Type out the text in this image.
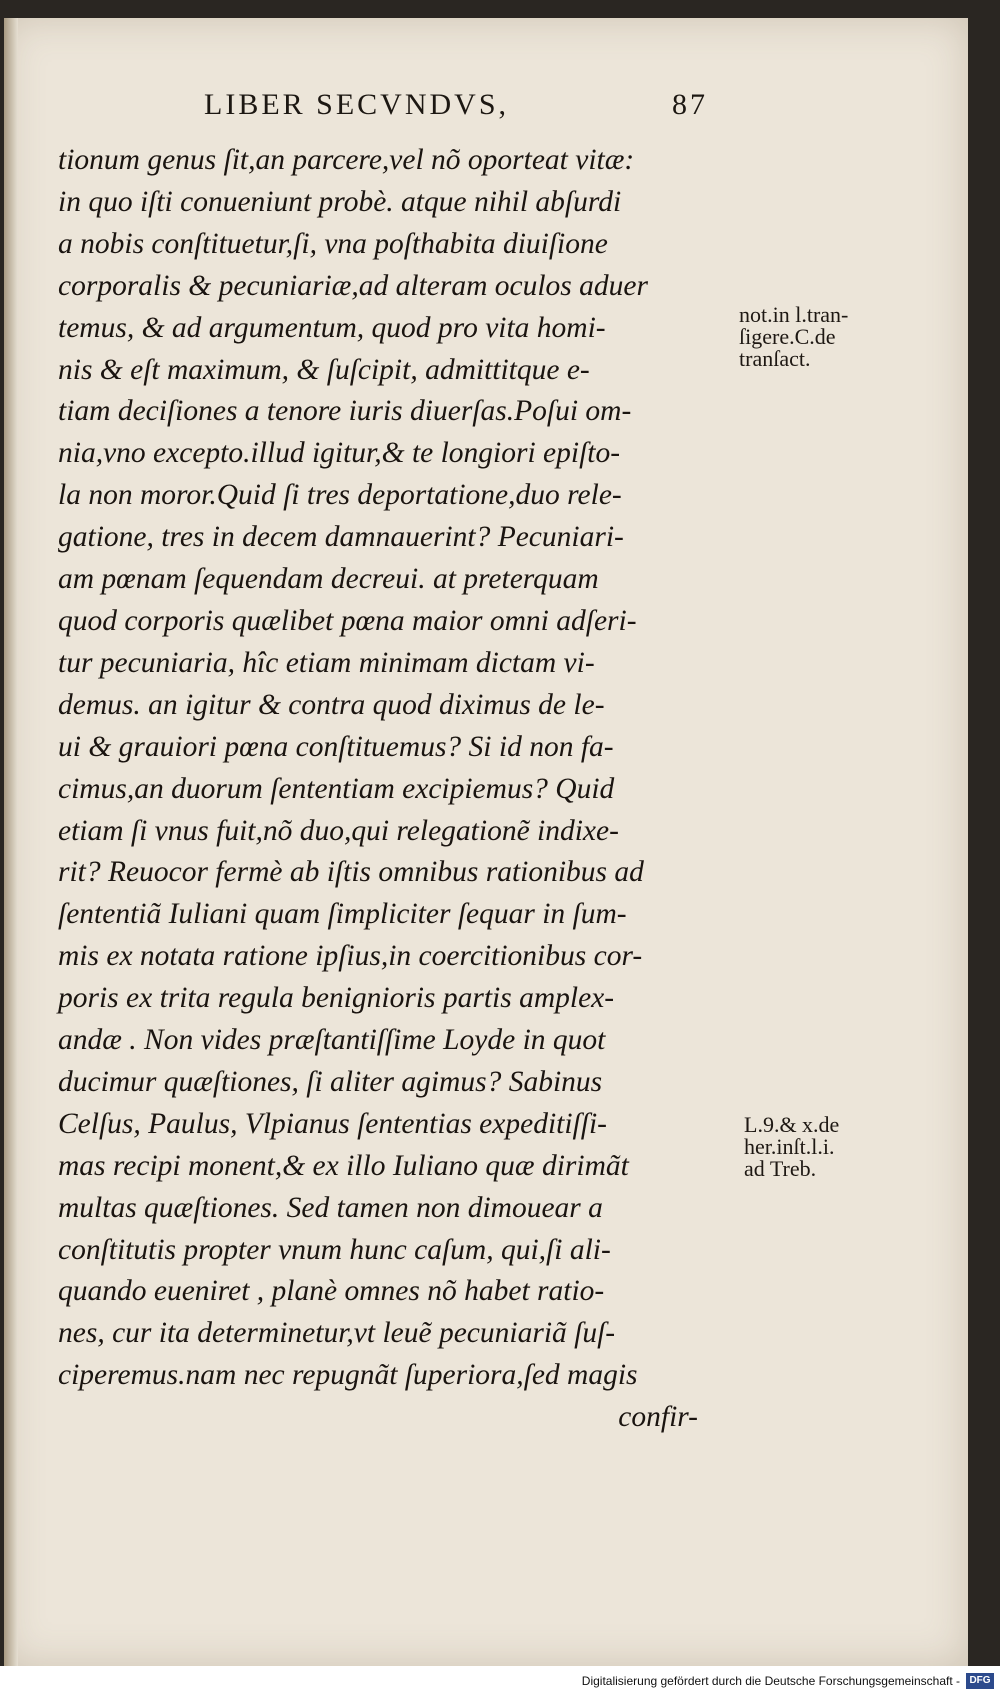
LIBER SECVNDVS,	87
tionum genus ſit,an parcere,vel nõ oporteat vitæ:
in quo iſti conueniunt probè. atque nihil abſurdi
a nobis conſtituetur,ſi, vna poſthabita diuiſione
corporalis & pecuniariæ,ad alteram oculos aduer
temus, & ad argumentum, quod pro vita homi-
nis & eſt maximum, & ſuſcipit, admittitque e-
tiam deciſiones a tenore iuris diuerſas.Poſui om-
nia,vno excepto.illud igitur,& te longiori epiſto-
la non moror.Quid ſi tres deportatione,duo rele-
gatione, tres in decem damnauerint? Pecuniari-
am pœnam ſequendam decreui. at preterquam
quod corporis quælibet pœna maior omni adſeri-
tur pecuniaria, hîc etiam minimam dictam vi-
demus. an igitur & contra quod diximus de le-
ui & grauiori pœna conſtituemus? Si id non fa-
cimus,an duorum ſententiam excipiemus? Quid
etiam ſi vnus fuit,nõ duo,qui relegationẽ indixe-
rit? Reuocor fermè ab iſtis omnibus rationibus ad
ſententiã Iuliani quam ſimpliciter ſequar in ſum-
mis ex notata ratione ipſius,in coercitionibus cor-
poris ex trita regula benignioris partis amplex-
andæ . Non vides præſtantiſſime Loyde in quot
ducimur quæſtiones, ſi aliter agimus? Sabinus
Celſus, Paulus, Vlpianus ſententias expeditiſſi-
mas recipi monent,& ex illo Iuliano quæ dirimãt
multas quæſtiones. Sed tamen non dimouear a
conſtitutis propter vnum hunc caſum, qui,ſi ali-
quando eueniret , planè omnes nõ habet ratio-
nes, cur ita determinetur,vt leuẽ pecuniariã ſuſ-
ciperemus.nam nec repugnãt ſuperiora,ſed magis
confir-
not.in l.tran-
ſigere.C.de
tranſact.
L.9.& x.de
her.inſt.l.i.
ad Treb.
Digitalisierung gefördert durch die Deutsche Forschungsgemeinschaft - DFG
